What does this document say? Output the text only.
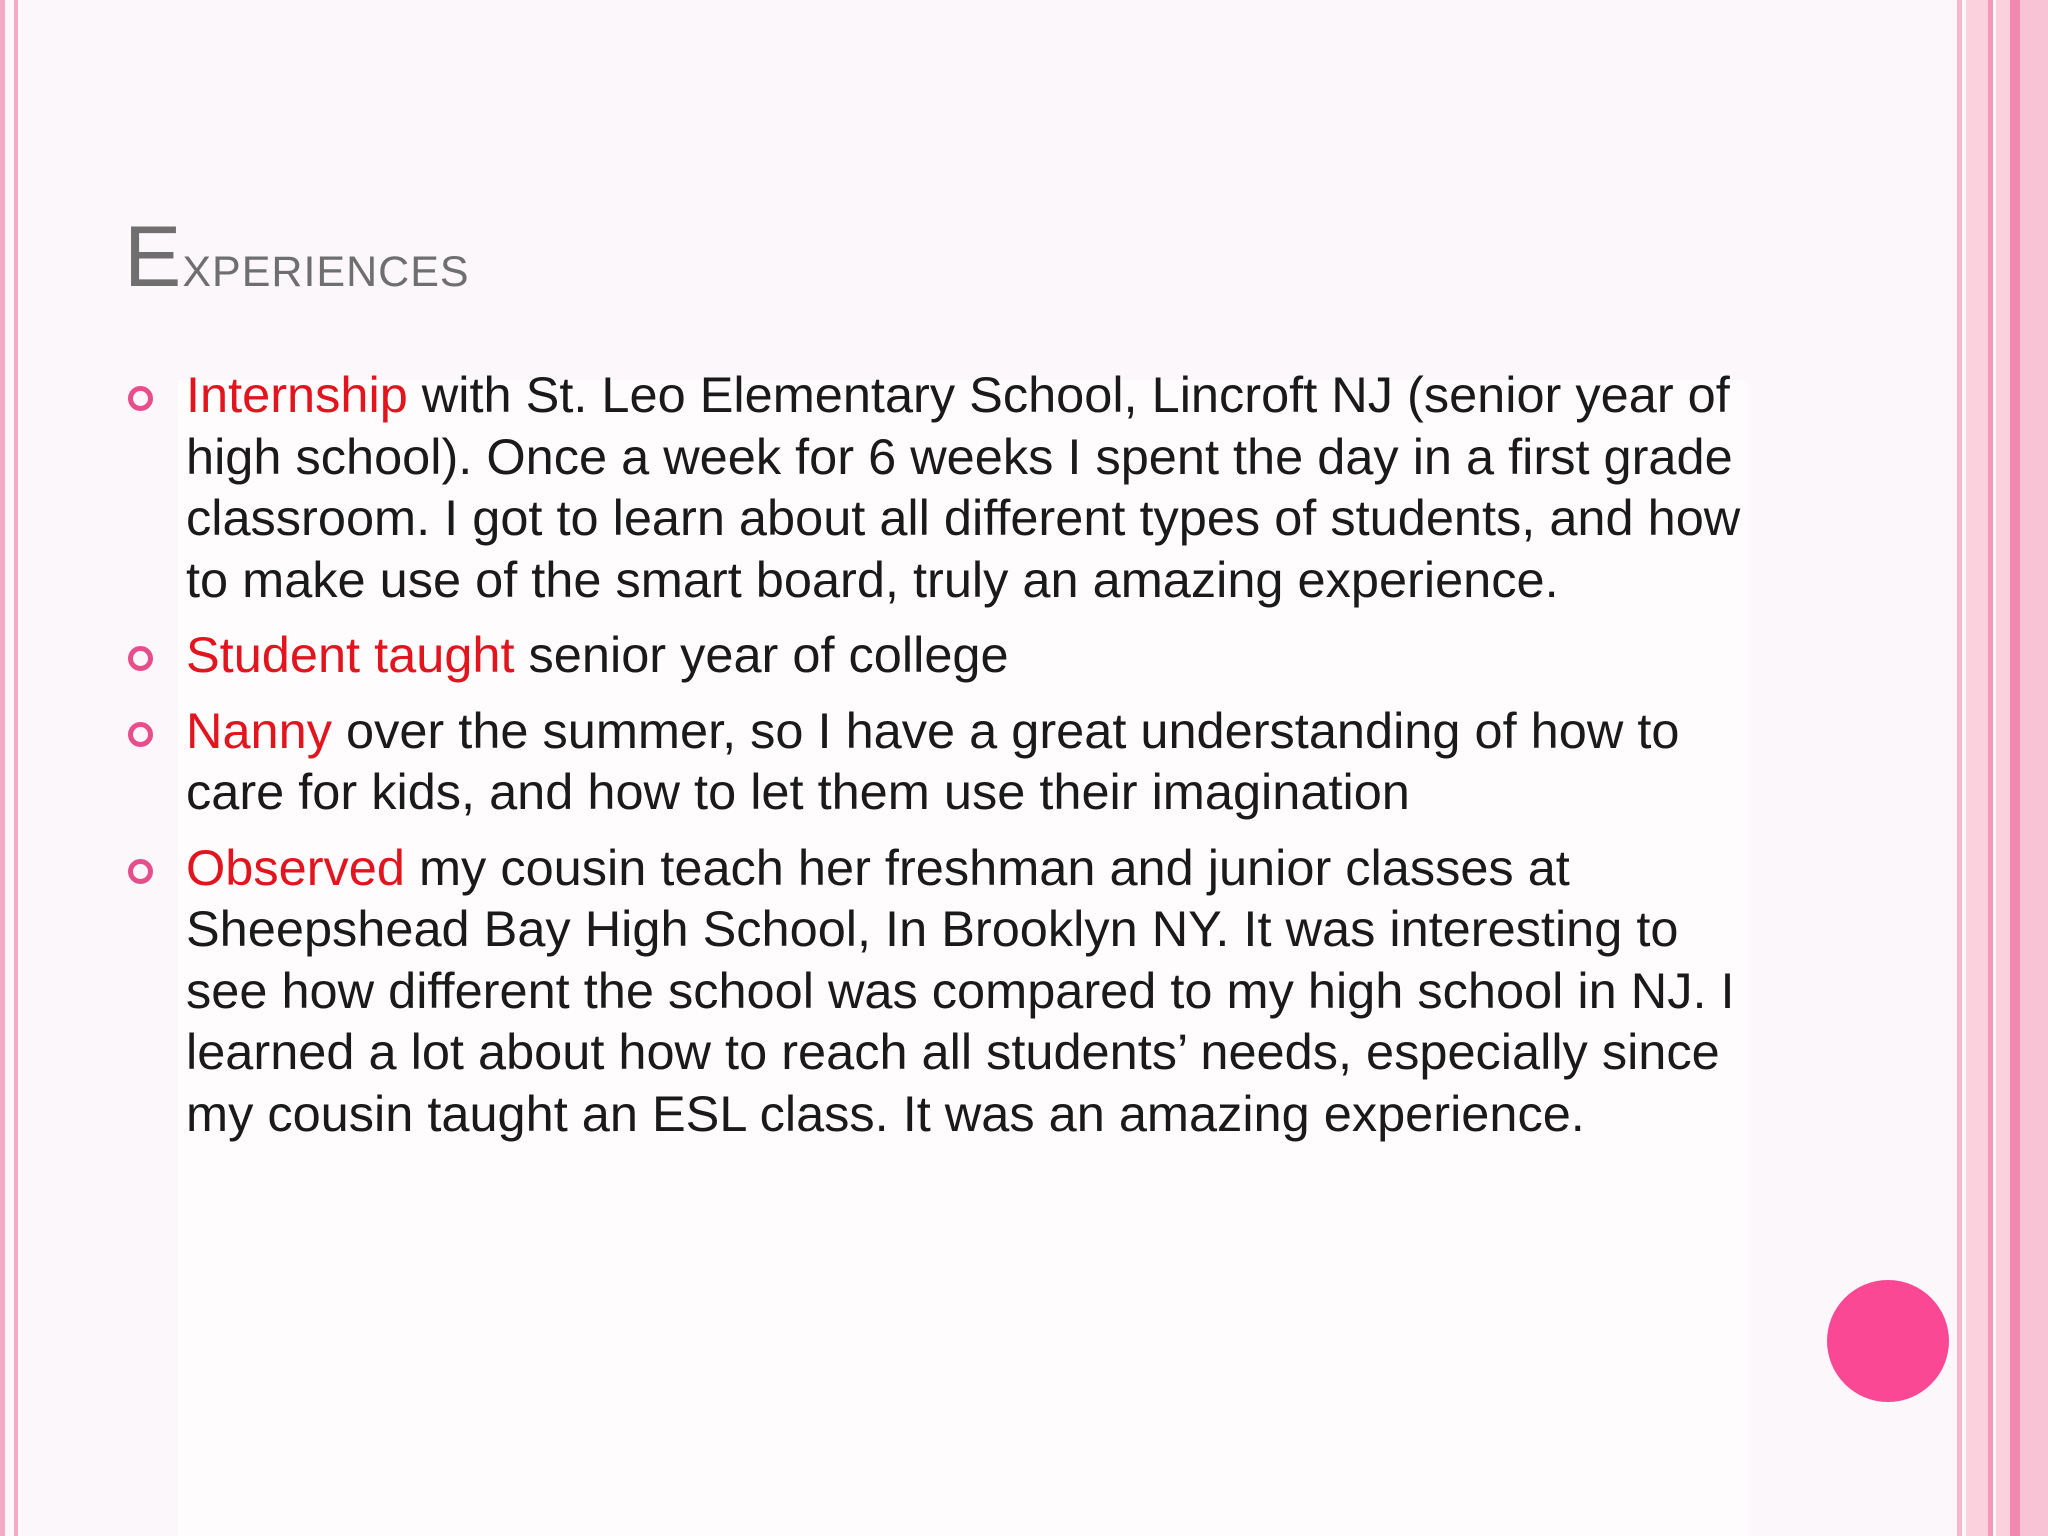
Experiences
Internship with St. Leo Elementary School, Lincroft NJ (senior year of high school). Once a week for 6 weeks I spent the day in a first grade classroom. I got to learn about all different types of students, and how to make use of the smart board, truly an amazing experience.
Student taught senior year of college
Nanny over the summer, so I have a great understanding of how to care for kids, and how to let them use their imagination
Observed my cousin teach her freshman and junior classes at Sheepshead Bay High School, In Brooklyn NY. It was interesting to see how different the school was compared to my high school in NJ. I learned a lot about how to reach all students’ needs, especially since my cousin taught an ESL class. It was an amazing experience.
